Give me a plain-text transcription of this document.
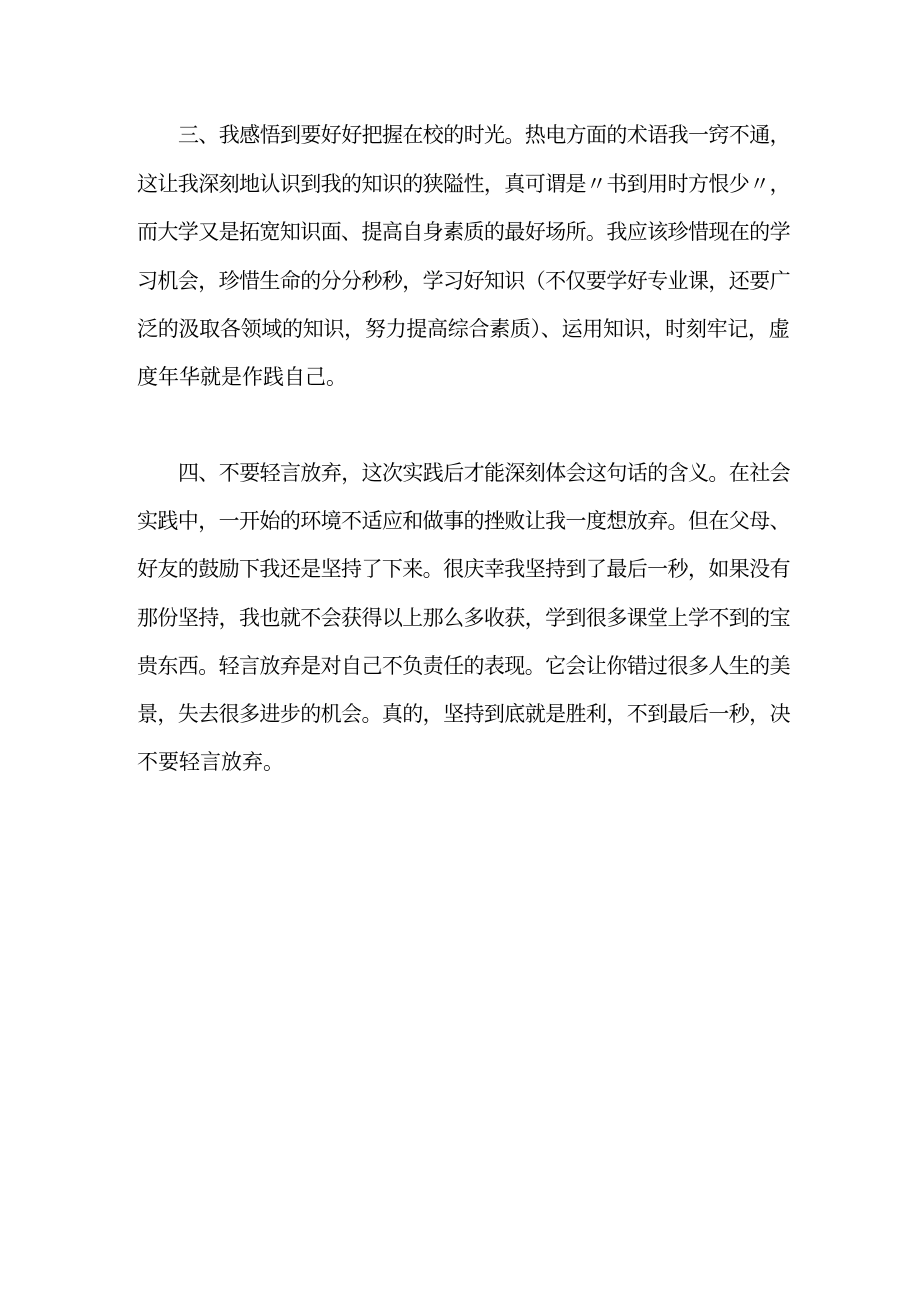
三、我感悟到要好好把握在校的时光。热电方面的术语我一窍不通，
这让我深刻地认识到我的知识的狭隘性，真可谓是〃书到用时方恨少〃，
而大学又是拓宽知识面、提高自身素质的最好场所。我应该珍惜现在的学
习机会，珍惜生命的分分秒秒，学习好知识（不仅要学好专业课，还要广
泛的汲取各领域的知识，努力提高综合素质）、运用知识，时刻牢记，虚
度年华就是作践自己。
四、不要轻言放弃，这次实践后才能深刻体会这句话的含义。在社会
实践中，一开始的环境不适应和做事的挫败让我一度想放弃。但在父母、
好友的鼓励下我还是坚持了下来。很庆幸我坚持到了最后一秒，如果没有
那份坚持，我也就不会获得以上那么多收获，学到很多课堂上学不到的宝
贵东西。轻言放弃是对自己不负责任的表现。它会让你错过很多人生的美
景，失去很多进步的机会。真的，坚持到底就是胜利，不到最后一秒，决
不要轻言放弃。
